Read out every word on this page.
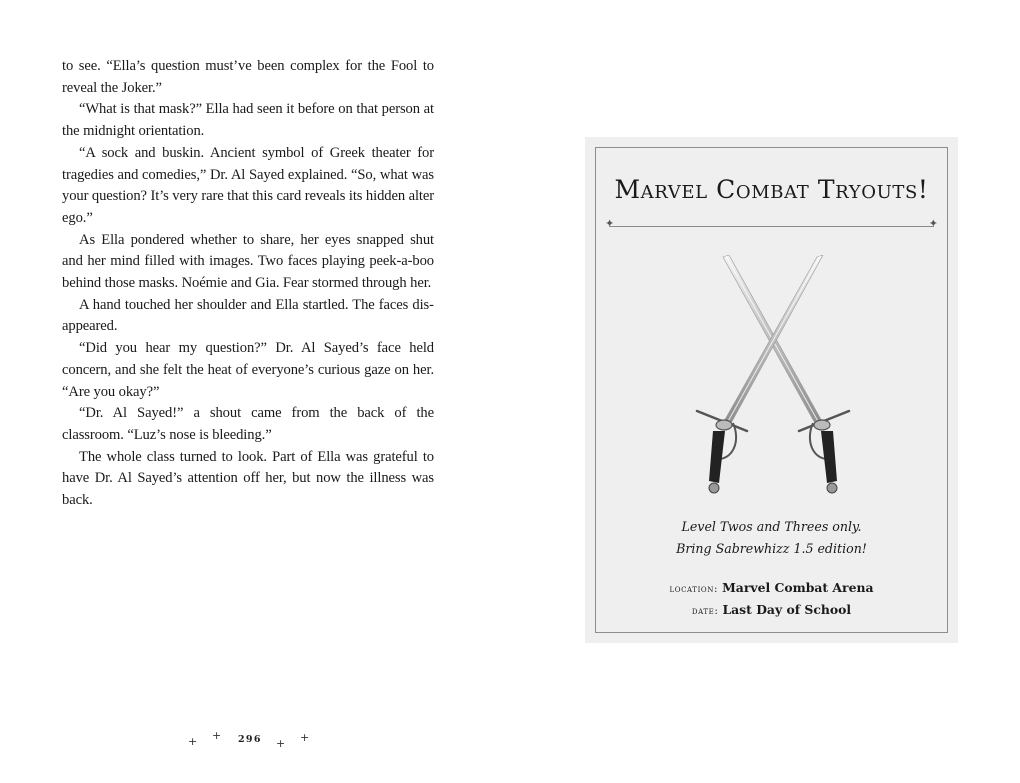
to see. “Ella’s question must’ve been complex for the Fool to reveal the Joker.”

“What is that mask?” Ella had seen it before on that person at the midnight orientation.

“A sock and buskin. Ancient symbol of Greek theater for tragedies and comedies,” Dr. Al Sayed explained. “So, what was your question? It’s very rare that this card reveals its hidden alter ego.”

As Ella pondered whether to share, her eyes snapped shut and her mind filled with images. Two faces playing peek-a-boo behind those masks. Noémie and Gia. Fear stormed through her.

A hand touched her shoulder and Ella startled. The faces disappeared.

“Did you hear my question?” Dr. Al Sayed’s face held concern, and she felt the heat of everyone’s curious gaze on her. “Are you okay?”

“Dr. Al Sayed!” a shout came from the back of the classroom. “Luz’s nose is bleeding.”

The whole class turned to look. Part of Ella was grateful to have Dr. Al Sayed’s attention off her, but now the illness was back.

+ + 296 + +
Marvel Combat Tryouts!
✦	✦
Level Twos and Threes only.
Bring Sabrewhizz 1.5 edition!
location: Marvel Combat Arena
date: Last Day of School
